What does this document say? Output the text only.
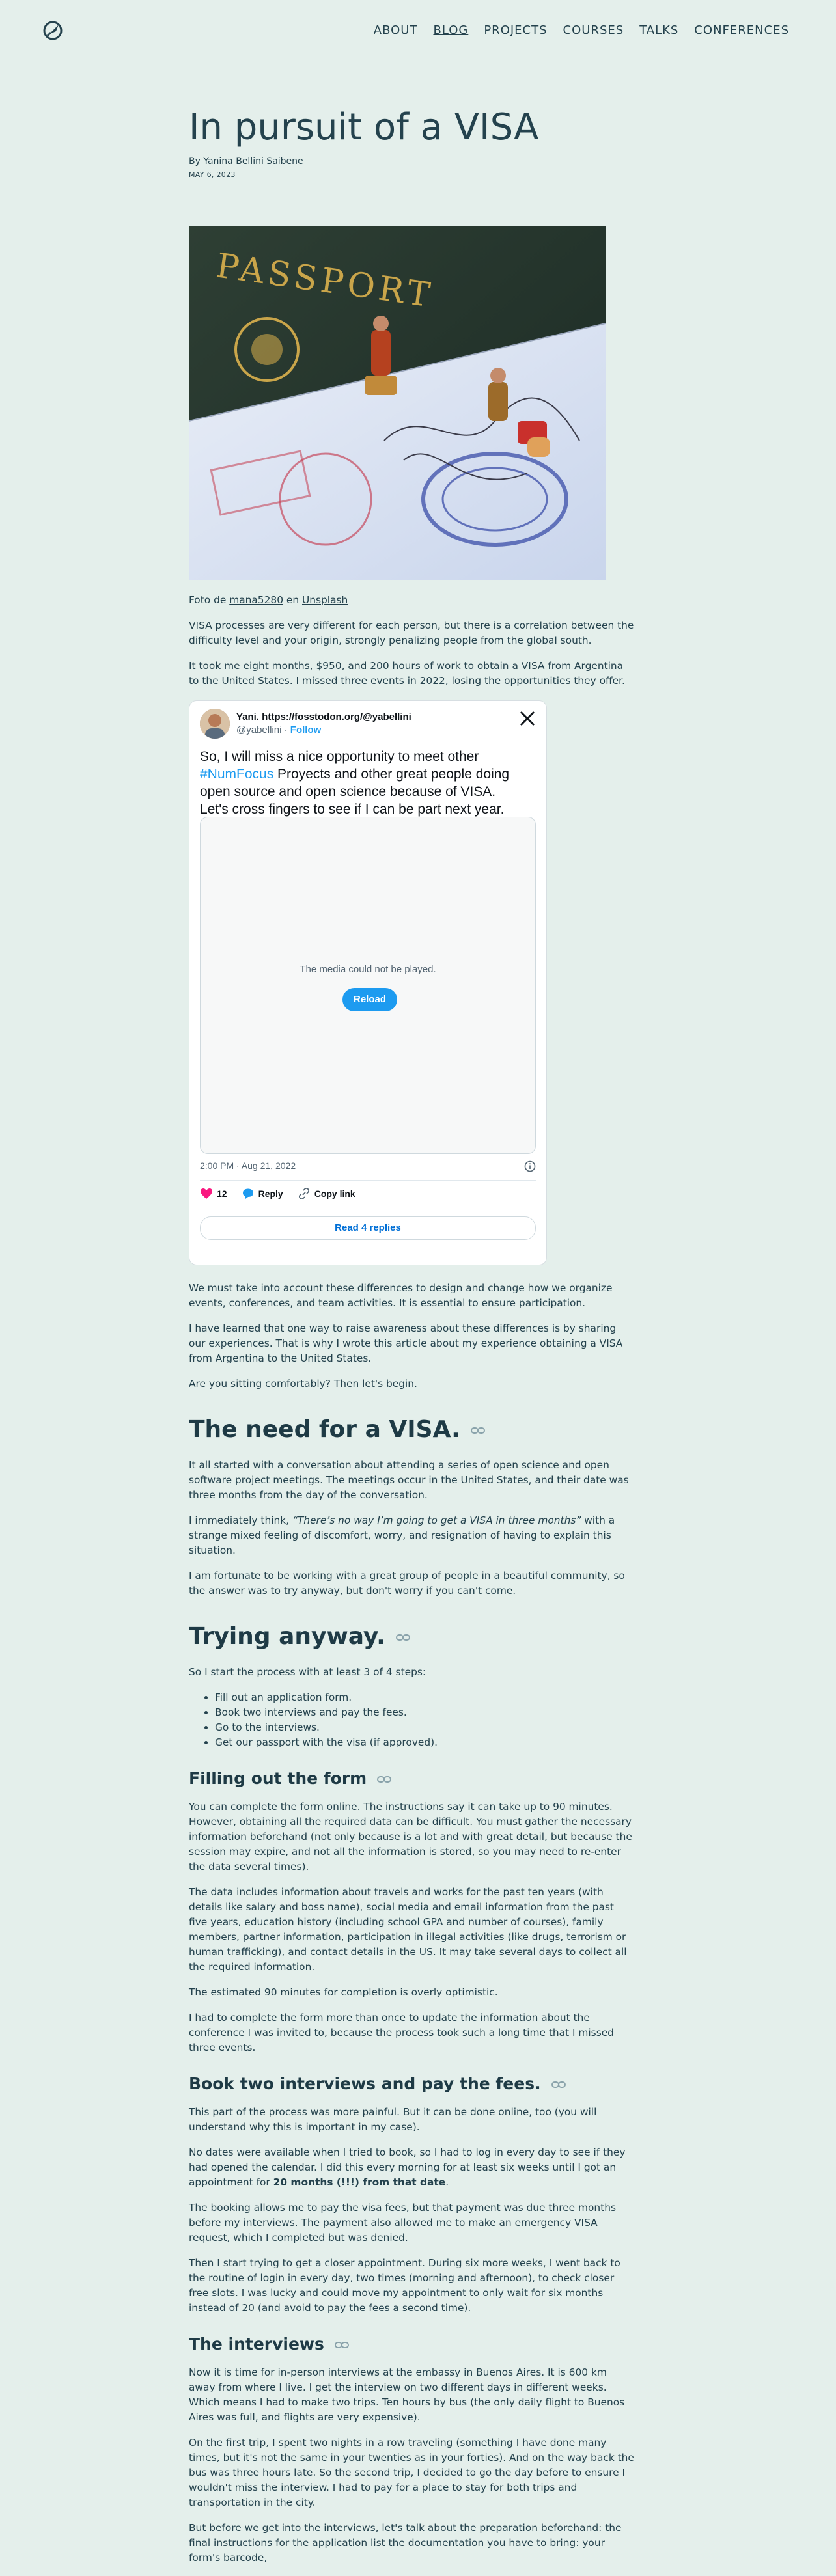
ABOUT BLOG PROJECTS COURSES TALKS CONFERENCES
In pursuit of a VISA
By Yanina Bellini Saibene
MAY 6, 2023
PASSPORT

Foto de mana5280 en Unsplash

VISA processes are very different for each person, but there is a correlation between the difficulty level and your origin, strongly penalizing people from the global south.

It took me eight months, $950, and 200 hours of work to obtain a VISA from Argentina to the United States. I missed three events in 2022, losing the opportunities they offer.

Yani. https://fosstodon.org/@yabellini
@yabellini · Follow
So, I will miss a nice opportunity to meet other
#NumFocus Proyects and other great people doing open source and open science because of VISA.
Let's cross fingers to see if I can be part next year.
The media could not be played.
Reload
2:00 PM · Aug 21, 2022
12	Reply	Copy link
Read 4 replies

We must take into account these differences to design and change how we organize events, conferences, and team activities. It is essential to ensure participation.

I have learned that one way to raise awareness about these differences is by sharing our experiences. That is why I wrote this article about my experience obtaining a VISA from Argentina to the United States.

Are you sitting comfortably? Then let's begin.

The need for a VISA.

It all started with a conversation about attending a series of open science and open software project meetings. The meetings occur in the United States, and their date was three months from the day of the conversation.

I immediately think, “There’s no way I’m going to get a VISA in three months” with a strange mixed feeling of discomfort, worry, and resignation of having to explain this situation.

I am fortunate to be working with a great group of people in a beautiful community, so the answer was to try anyway, but don't worry if you can't come.

Trying anyway.

So I start the process with at least 3 of 4 steps:

• Fill out an application form.
• Book two interviews and pay the fees.
• Go to the interviews.
• Get our passport with the visa (if approved).
Filling out the form

You can complete the form online. The instructions say it can take up to 90 minutes. However, obtaining all the required data can be difficult. You must gather the necessary information beforehand (not only because is a lot and with great detail, but because the session may expire, and not all the information is stored, so you may need to re-enter the data several times).

The data includes information about travels and works for the past ten years (with details like salary and boss name), social media and email information from the past five years, education history (including school GPA and number of courses), family members, partner information, participation in illegal activities (like drugs, terrorism or human trafficking), and contact details in the US. It may take several days to collect all the required information.

The estimated 90 minutes for completion is overly optimistic.

I had to complete the form more than once to update the information about the conference I was invited to, because the process took such a long time that I missed three events.

Book two interviews and pay the fees.

This part of the process was more painful. But it can be done online, too (you will understand why this is important in my case).

No dates were available when I tried to book, so I had to log in every day to see if they had opened the calendar. I did this every morning for at least six weeks until I got an appointment for 20 months (!!!) from that date.

The booking allows me to pay the visa fees, but that payment was due three months before my interviews. The payment also allowed me to make an emergency VISA request, which I completed but was denied.

Then I start trying to get a closer appointment. During six more weeks, I went back to the routine of login in every day, two times (morning and afternoon), to check closer free slots. I was lucky and could move my appointment to only wait for six months instead of 20 (and avoid to pay the fees a second time).

The interviews

Now it is time for in-person interviews at the embassy in Buenos Aires. It is 600 km away from where I live. I get the interview on two different days in different weeks. Which means I had to make two trips. Ten hours by bus (the only daily flight to Buenos Aires was full, and flights are very expensive).

On the first trip, I spent two nights in a row traveling (something I have done many times, but it's not the same in your twenties as in your forties). And on the way back the bus was three hours late. So the second trip, I decided to go the day before to ensure I wouldn't miss the interview. I had to pay for a place to stay for both trips and transportation in the city.

But before we get into the interviews, let's talk about the preparation beforehand: the final instructions for the application list the documentation you have to bring: your form's barcode,
